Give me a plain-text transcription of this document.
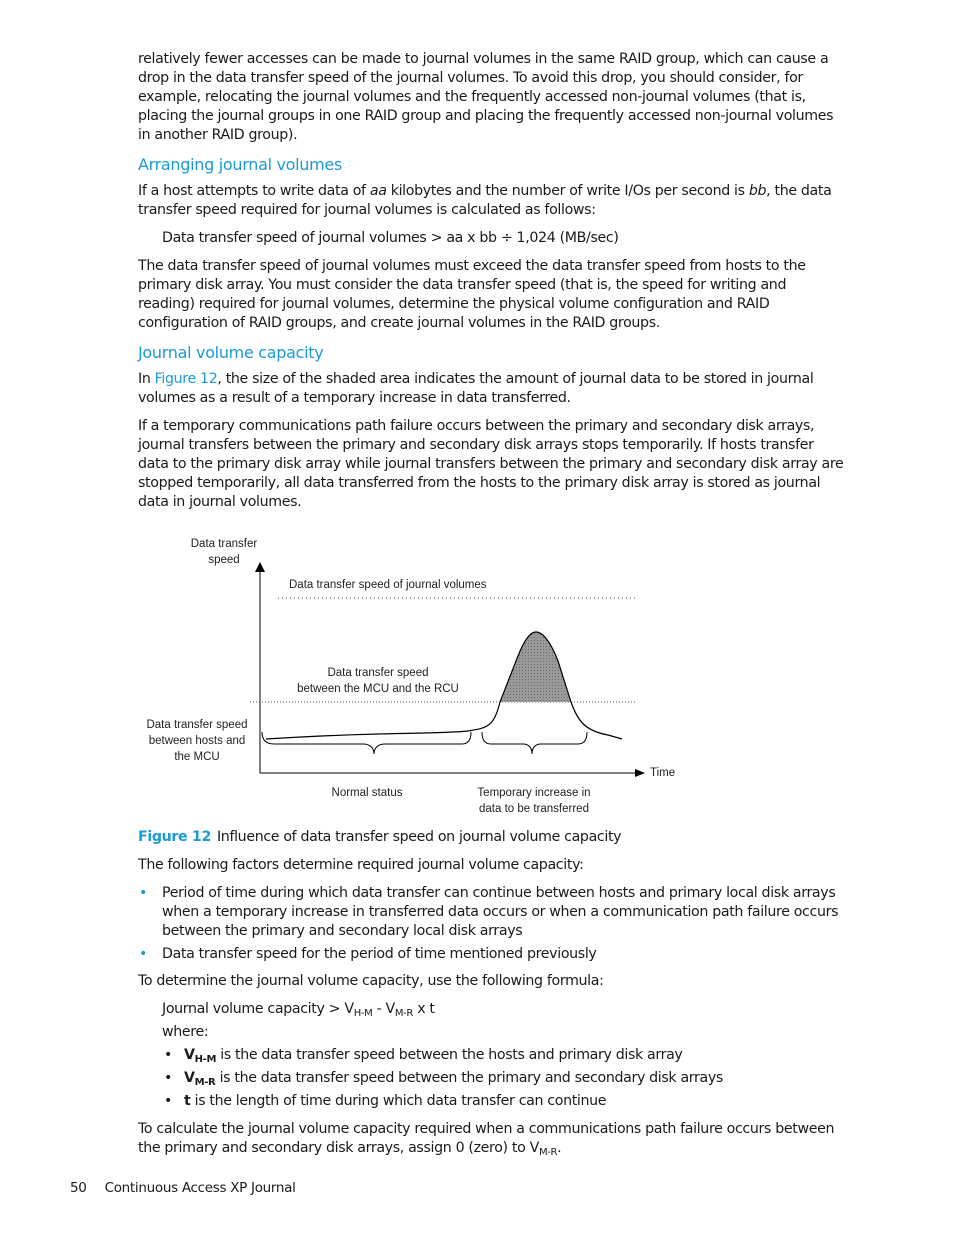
relatively fewer accesses can be made to journal volumes in the same RAID group, which can cause a drop in the data transfer speed of the journal volumes. To avoid this drop, you should consider, for example, relocating the journal volumes and the frequently accessed non-journal volumes (that is, placing the journal groups in one RAID group and placing the frequently accessed non-journal volumes in another RAID group).

Arranging journal volumes

If a host attempts to write data of aa kilobytes and the number of write I/Os per second is bb, the data transfer speed required for journal volumes is calculated as follows:

Data transfer speed of journal volumes > aa x bb ÷ 1,024 (MB/sec)

The data transfer speed of journal volumes must exceed the data transfer speed from hosts to the primary disk array. You must consider the data transfer speed (that is, the speed for writing and reading) required for journal volumes, determine the physical volume configuration and RAID configuration of RAID groups, and create journal volumes in the RAID groups.

Journal volume capacity

In Figure 12, the size of the shaded area indicates the amount of journal data to be stored in journal volumes as a result of a temporary increase in data transferred.

If a temporary communications path failure occurs between the primary and secondary disk arrays, journal transfers between the primary and secondary disk arrays stops temporarily. If hosts transfer data to the primary disk array while journal transfers between the primary and secondary disk array are stopped temporarily, all data transferred from the hosts to the primary disk array is stored as journal data in journal volumes.

Data transfer
speed
Time
Data transfer speed of journal volumes
Data transfer speed
between the MCU and the RCU
Data transfer speed
between hosts and
the MCU
Normal status	Temporary increase in
data to be transferred

Figure 12 Influence of data transfer speed on journal volume capacity

The following factors determine required journal volume capacity:

• Period of time during which data transfer can continue between hosts and primary local disk arrays when a temporary increase in transferred data occurs or when a communication path failure occurs between the primary and secondary local disk arrays
• Data transfer speed for the period of time mentioned previously

To determine the journal volume capacity, use the following formula:

Journal volume capacity > $V_{H-M} - V_{M-R}$ x t

where:

• $V_{H-M}$ is the data transfer speed between the hosts and primary disk array
• $V_{M-R}$ is the data transfer speed between the primary and secondary disk arrays
• t is the length of time during which data transfer can continue

To calculate the journal volume capacity required when a communications path failure occurs between the primary and secondary disk arrays, assign 0 (zero) to $V_{M-R}$.

50 Continuous Access XP Journal
